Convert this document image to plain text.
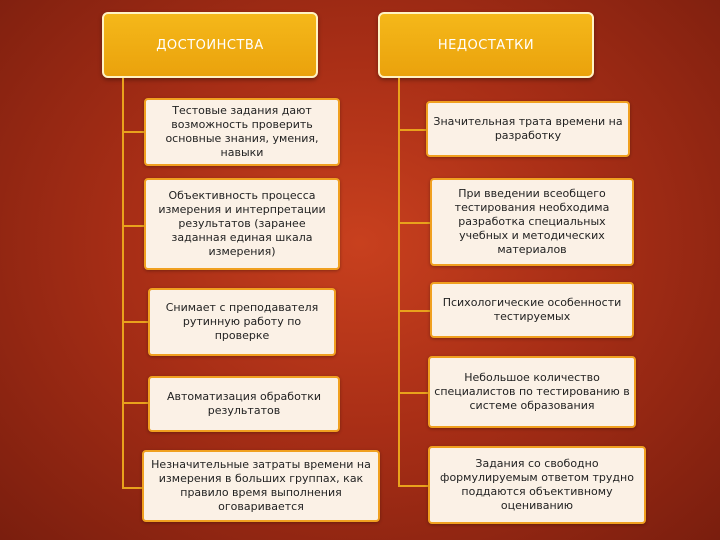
ДОСТОИНСТВА	НЕДОСТАТКИ
Тестовые задания дают возможность проверить основные знания, умения, навыки
Объективность процесса измерения и интерпретации результатов (заранее заданная единая шкала измерения)
Снимает с преподавателя рутинную работу по проверке
Автоматизация обработки результатов
Незначительные затраты времени на измерения в больших группах, как правило время выполнения оговаривается
Значительная трата времени на разработку
При введении всеобщего тестирования необходима разработка специальных учебных и методических материалов
Психологические особенности тестируемых
Небольшое количество специалистов по тестированию в системе образования
Задания со свободно формулируемым ответом трудно поддаются объективному оцениванию
